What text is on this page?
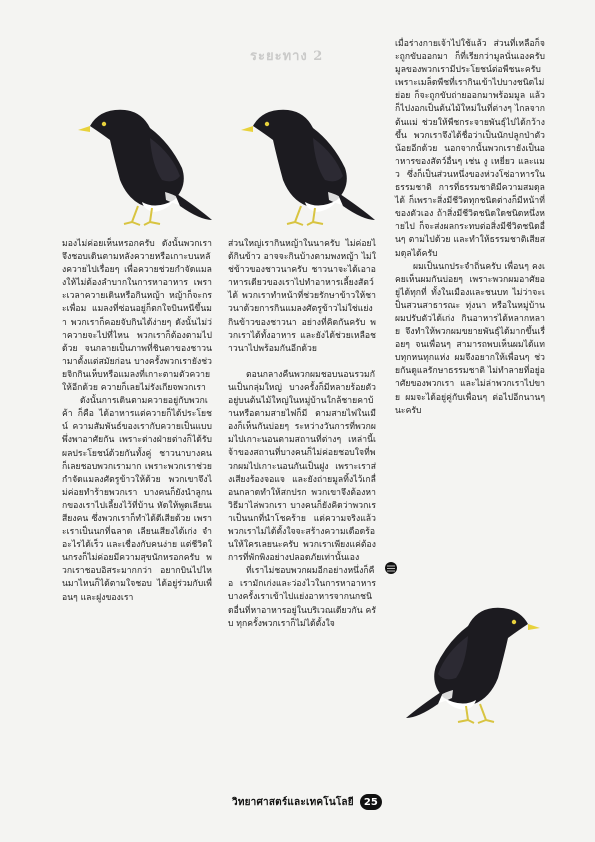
ระยะทาง 2

มองไม่ค่อยเห็นหรอกครับ ดังนั้นพวกเราจึงชอบเดินตามหลังควายหรือเกาะบนหลังควายไปเรื่อยๆ เพื่อควายช่วยกำจัดแมลงให้ไม่ต้องลำบากในการหาอาหาร เพราะเวลาควายเดินหรือกินหญ้า หญ้าก็จะกระเพื่อม แมลงที่ซ่อนอยู่ก็ตกใจบินหนีขึ้นมา พวกเราก็คอยจับกินได้ง่ายๆ ดังนั้นไม่ว่าควายจะไปที่ไหน พวกเราก็ต้องตามไปด้วย จนกลายเป็นภาพที่ชินตาของชาวนามาตั้งแต่สมัยก่อน บางครั้งพวกเรายังช่วยจิกกินเห็บหรือแมลงที่เกาะตามตัวควายให้อีกด้วย ควายก็เลยไม่รังเกียจพวกเรา

ดังนั้นการเดินตามควายอยู่กับพวกเค้า ก็คือ ได้อาหารแต่ควายก็ได้ประโยชน์ ความสัมพันธ์ของเรากับควายเป็นแบบพึ่งพาอาศัยกัน เพราะต่างฝ่ายต่างก็ได้รับผลประโยชน์ด้วยกันทั้งคู่ ชาวนาบางคนก็เลยชอบพวกเรามาก เพราะพวกเราช่วยกำจัดแมลงศัตรูข้าวให้ด้วย พวกเขาจึงไม่ค่อยทำร้ายพวกเรา บางคนก็ยังนำลูกนกของเราไปเลี้ยงไว้ที่บ้าน หัดให้พูดเลียนเสียงคน ซึ่งพวกเราก็ทำได้ดีเสียด้วย เพราะเราเป็นนกที่ฉลาด เลียนเสียงได้เก่ง จำอะไรได้เร็ว และเชื่องกับคนง่าย แต่ชีวิตในกรงก็ไม่ค่อยมีความสุขนักหรอกครับ พวกเราชอบอิสระมากกว่า อยากบินไปไหนมาไหนก็ได้ตามใจชอบ ได้อยู่ร่วมกับเพื่อนๆ และฝูงของเรา

ส่วนใหญ่เรากินหญ้าในนาครับ ไม่ค่อยได้กินข้าว อาจจะกินบ้างตามพงหญ้า ไม่ใช่ข้าวของชาวนาครับ ชาวนาจะได้เอาอาหารเดียวของเราไปทำอาหารเลี้ยงสัตว์ได้ พวกเราทำหน้าที่ช่วยรักษาข้าวให้ชาวนาด้วยการกินแมลงศัตรูข้าวไม่ใช่แย่งกินข้าวของชาวนา อย่างที่คิดกันครับ พวกเราได้ทั้งอาหาร และยังได้ช่วยเหลือชาวนาไปพร้อมกันอีกด้วย

ตอนกลางคืนพวกผมชอบนอนรวมกันเป็นกลุ่มใหญ่ บางครั้งก็มีหลายร้อยตัว อยู่บนต้นไม้ใหญ่ในหมู่บ้านใกล้ชายคาบ้านหรือตามสายไฟก็มี ตามสายไฟในเมืองก็เห็นกันบ่อยๆ ระหว่างวันการที่พวกผมไปเกาะนอนตามสถานที่ต่างๆ เหล่านี้เจ้าของสถานที่บางคนก็ไม่ค่อยชอบใจที่พวกผมไปเกาะนอนกันเป็นฝูง เพราะเราส่งเสียงร้องจอแจ และยังถ่ายมูลทิ้งไว้เกลื่อนกลาดทำให้สกปรก พวกเขาจึงต้องหาวิธีมาไล่พวกเรา บางคนก็ยังคิดว่าพวกเราเป็นนกที่นำโชคร้าย แต่ความจริงแล้วพวกเราไม่ได้ตั้งใจจะสร้างความเดือดร้อนให้ใครเลยนะครับ พวกเราเพียงแค่ต้องการที่พักพิงอย่างปลอดภัยเท่านั้นเอง

ที่เราไม่ชอบพวกผมอีกอย่างหนึ่งก็คือ เรามักเก่งและว่องไวในการหาอาหาร บางครั้งเราเข้าไปแย่งอาหารจากนกชนิดอื่นที่หาอาหารอยู่ในบริเวณเดียวกัน ครับ ทุกครั้งพวกเราก็ไม่ได้ตั้งใจ

เมื่อร่างกายเจ้าไปใช้แล้ว ส่วนที่เหลือก็จะถูกขับออกมา ก็ที่เรียกว่ามูลนั่นเองครับ มูลของพวกเรามีประโยชน์ต่อพืชนะครับ เพราะเมล็ดพืชที่เรากินเข้าไปบางชนิดไม่ย่อย ก็จะถูกขับถ่ายออกมาพร้อมมูล แล้วก็ไปงอกเป็นต้นไม้ใหม่ในที่ต่างๆ ไกลจากต้นแม่ ช่วยให้พืชกระจายพันธุ์ไปได้กว้างขึ้น พวกเราจึงได้ชื่อว่าเป็นนักปลูกป่าตัวน้อยอีกด้วย นอกจากนั้นพวกเรายังเป็นอาหารของสัตว์อื่นๆ เช่น งู เหยี่ยว และแมว ซึ่งก็เป็นส่วนหนึ่งของห่วงโซ่อาหารในธรรมชาติ การที่ธรรมชาติมีความสมดุลได้ ก็เพราะสิ่งมีชีวิตทุกชนิดต่างก็มีหน้าที่ของตัวเอง ถ้าสิ่งมีชีวิตชนิดใดชนิดหนึ่งหายไป ก็จะส่งผลกระทบต่อสิ่งมีชีวิตชนิดอื่นๆ ตามไปด้วย และทำให้ธรรมชาติเสียสมดุลได้ครับ

ผมเป็นนกประจำถิ่นครับ เพื่อนๆ คงเคยเห็นผมกันบ่อยๆ เพราะพวกผมอาศัยอยู่ได้ทุกที่ ทั้งในเมืองและชนบท ไม่ว่าจะเป็นสวนสาธารณะ ทุ่งนา หรือในหมู่บ้าน ผมปรับตัวได้เก่ง กินอาหารได้หลากหลาย จึงทำให้พวกผมขยายพันธุ์ได้มากขึ้นเรื่อยๆ จนเพื่อนๆ สามารถพบเห็นผมได้แทบทุกหนทุกแห่ง ผมจึงอยากให้เพื่อนๆ ช่วยกันดูแลรักษาธรรมชาติ ไม่ทำลายที่อยู่อาศัยของพวกเรา และไม่ล่าพวกเราไปขาย ผมจะได้อยู่คู่กับเพื่อนๆ ต่อไปอีกนานๆ นะครับ

วิทยาศาสตร์และเทคโนโลยี	25
